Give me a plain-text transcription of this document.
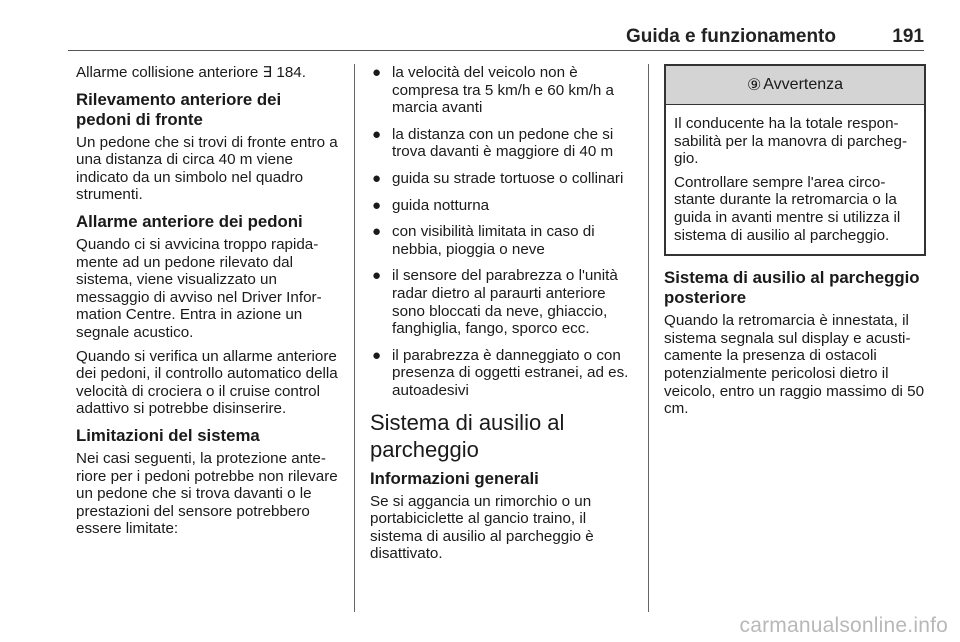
Guida e funzionamento	191

Allarme collisione anteriore ∃ 184.

Rilevamento anteriore dei pedoni di fronte

Un pedone che si trovi di fronte entro a una distanza di circa 40 m viene indicato da un simbolo nel quadro strumenti.

Allarme anteriore dei pedoni

Quando ci si avvicina troppo rapidamente ad un pedone rilevato dal sistema, viene visualizzato un messaggio di avviso nel Driver Information Centre. Entra in azione un segnale acustico.

Quando si verifica un allarme anteriore dei pedoni, il controllo automatico della velocità di crociera o il cruise control adattivo si potrebbe disinserire.

Limitazioni del sistema

Nei casi seguenti, la protezione anteriore per i pedoni potrebbe non rilevare un pedone che si trova davanti o le prestazioni del sensore potrebbero essere limitate:

● la velocità del veicolo non è compresa tra 5 km/h e 60 km/h a marcia avanti
● la distanza con un pedone che si trova davanti è maggiore di 40 m
● guida su strade tortuose o collinari
● guida notturna
● con visibilità limitata in caso di nebbia, pioggia o neve
● il sensore del parabrezza o l'unità radar dietro al paraurti anteriore sono bloccati da neve, ghiaccio, fanghiglia, fango, sporco ecc.
● il parabrezza è danneggiato o con presenza di oggetti estranei, ad es. autoadesivi
Sistema di ausilio al parcheggio
Informazioni generali

Se si aggancia un rimorchio o un portabiciclette al gancio traino, il sistema di ausilio al parcheggio è disattivato.

⑨ Avvertenza

Il conducente ha la totale responsabilità per la manovra di parcheggio.

Controllare sempre l'area circostante durante la retromarcia o la guida in avanti mentre si utilizza il sistema di ausilio al parcheggio.

Sistema di ausilio al parcheggio posteriore

Quando la retromarcia è innestata, il sistema segnala sul display e acusticamente la presenza di ostacoli potenzialmente pericolosi dietro il veicolo, entro un raggio massimo di 50 cm.

carmanualsonline.info
